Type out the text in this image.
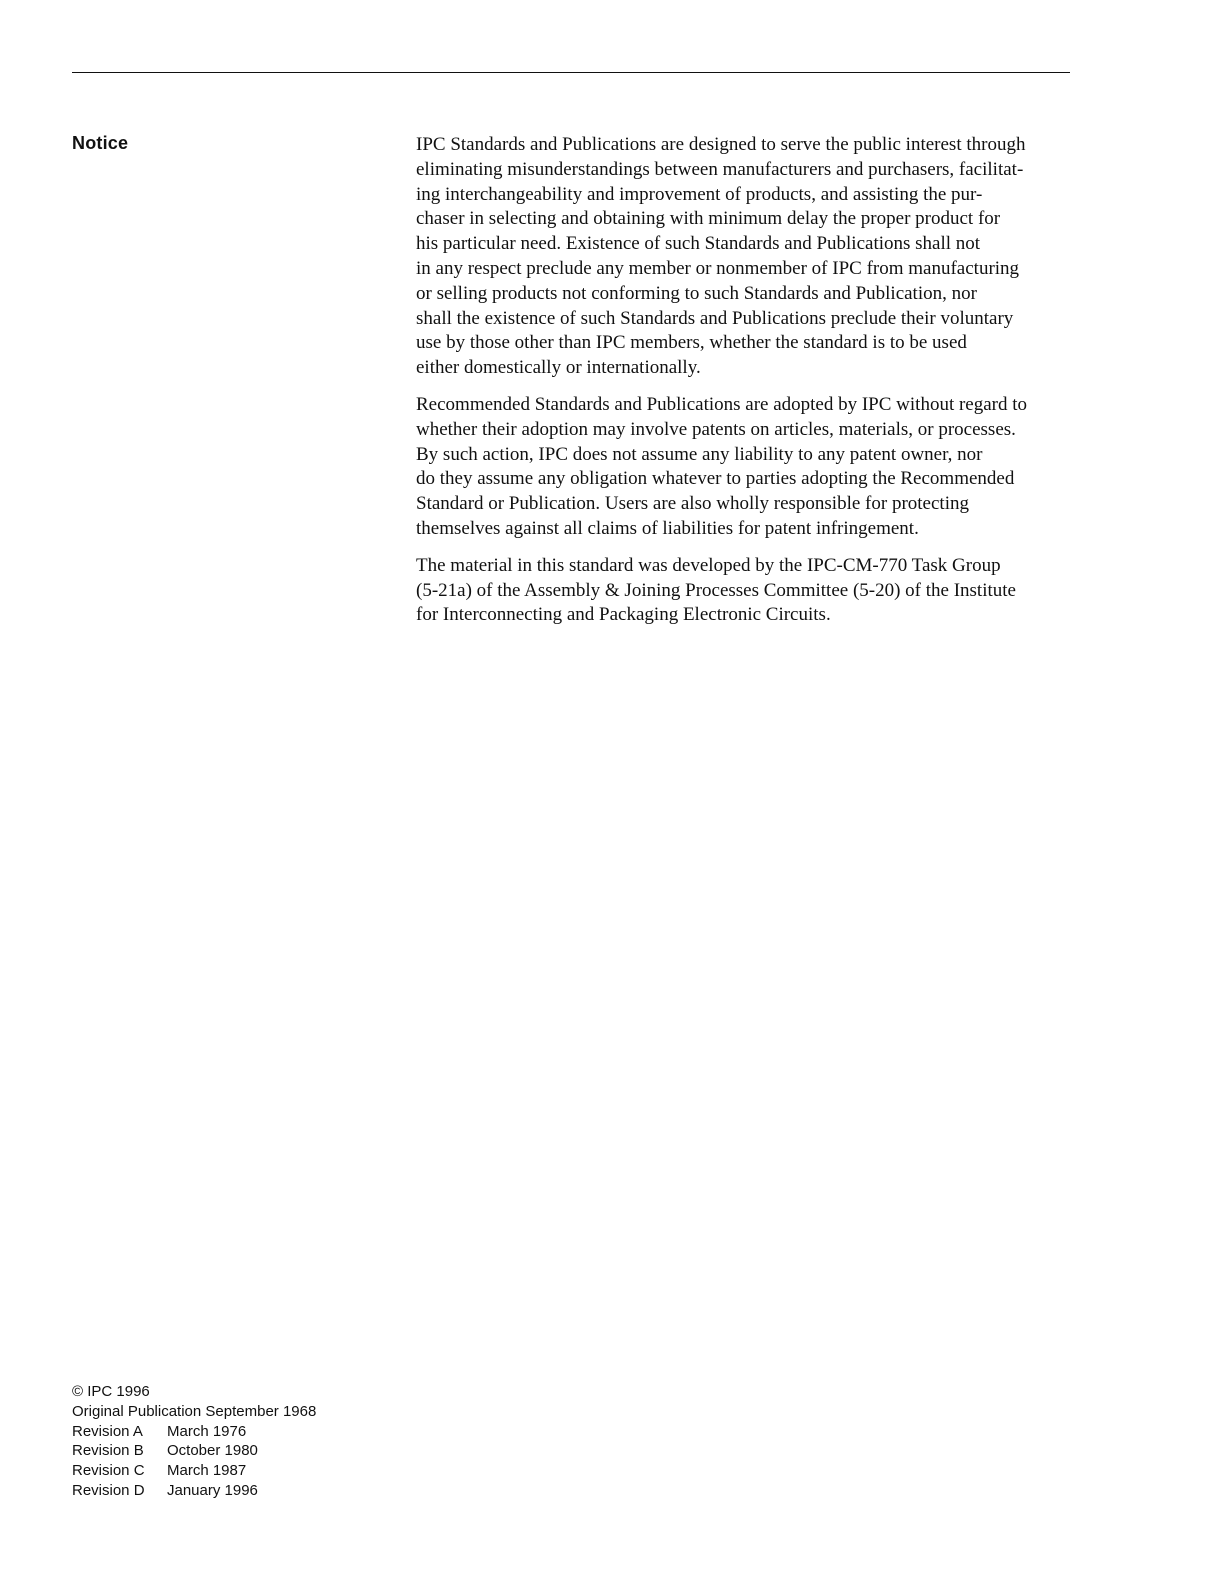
Notice	IPC Standards and Publications are designed to serve the public interest through
eliminating misunderstandings between manufacturers and purchasers, facilitat-
ing interchangeability and improvement of products, and assisting the pur-
chaser in selecting and obtaining with minimum delay the proper product for
his particular need. Existence of such Standards and Publications shall not
in any respect preclude any member or nonmember of IPC from manufacturing
or selling products not conforming to such Standards and Publication, nor
shall the existence of such Standards and Publications preclude their voluntary
use by those other than IPC members, whether the standard is to be used
either domestically or internationally.

Recommended Standards and Publications are adopted by IPC without regard to
whether their adoption may involve patents on articles, materials, or processes.
By such action, IPC does not assume any liability to any patent owner, nor
do they assume any obligation whatever to parties adopting the Recommended
Standard or Publication. Users are also wholly responsible for protecting
themselves against all claims of liabilities for patent infringement.

The material in this standard was developed by the IPC-CM-770 Task Group
(5-21a) of the Assembly & Joining Processes Committee (5-20) of the Institute
for Interconnecting and Packaging Electronic Circuits.

© IPC 1996
Original Publication September 1968
Revision A March 1976
Revision B October 1980
Revision C March 1987
Revision D January 1996
